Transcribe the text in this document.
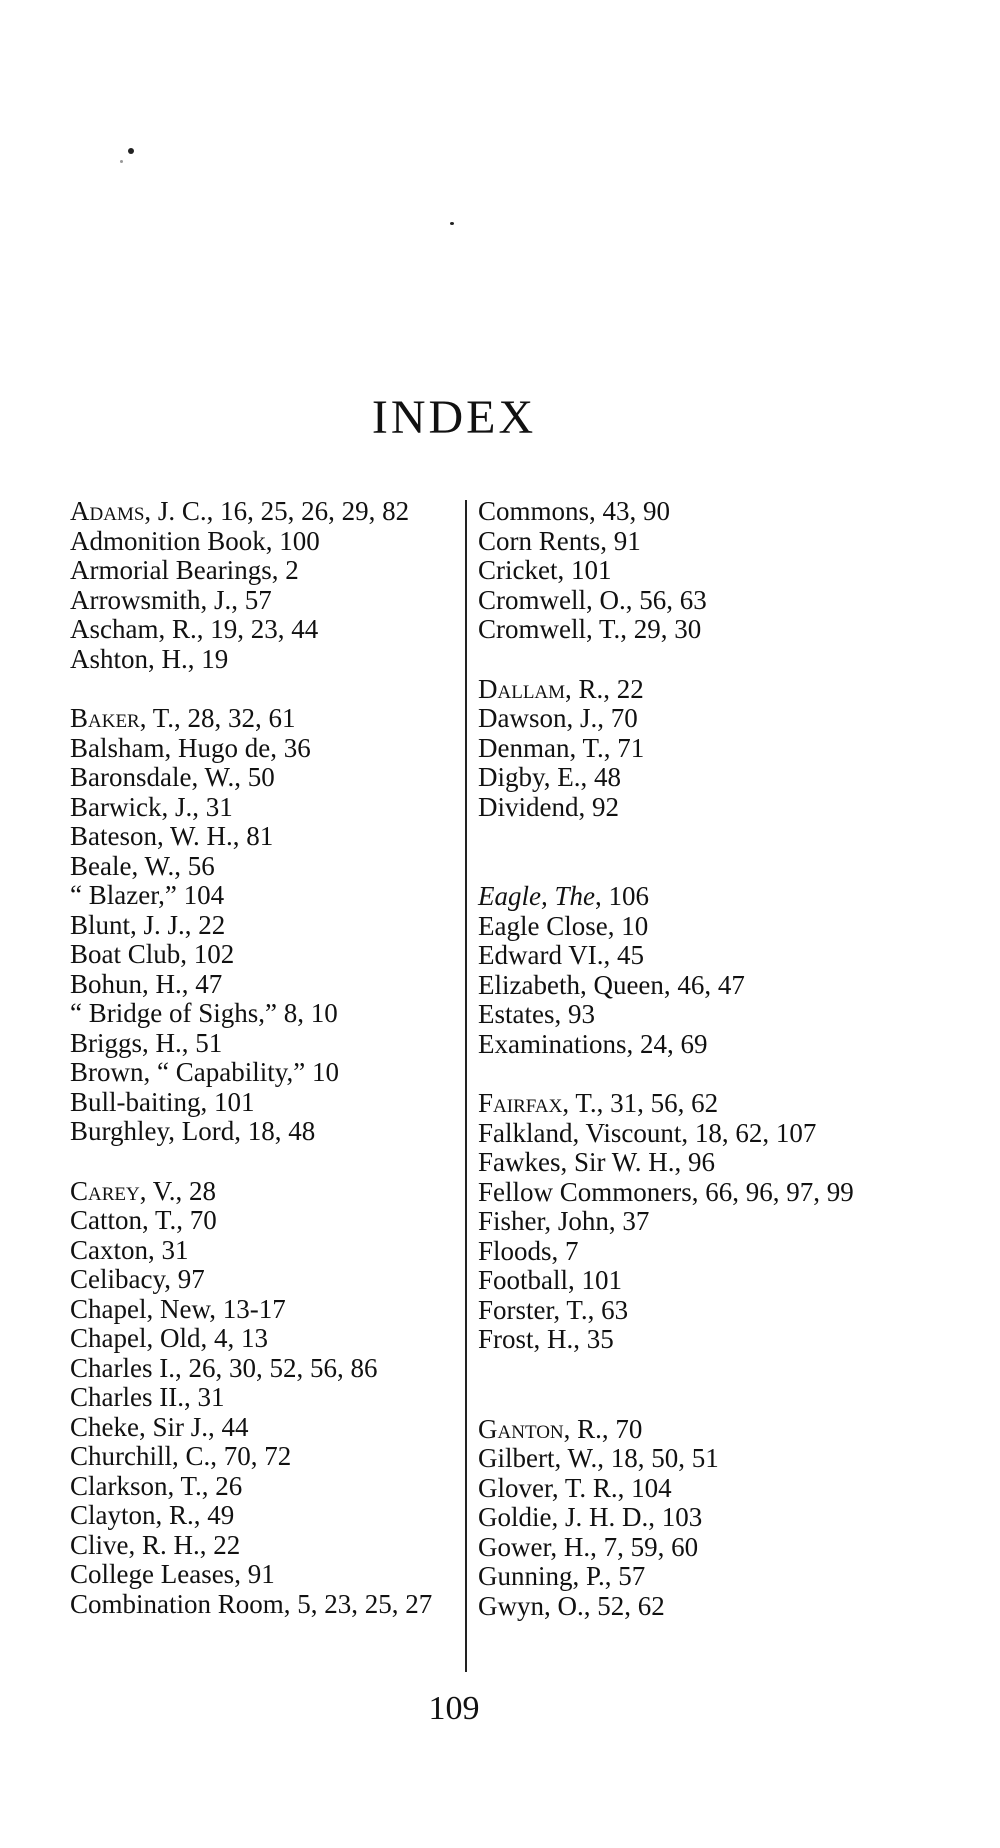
INDEX
Adams, J. C., 16, 25, 26, 29, 82
Admonition Book, 100
Armorial Bearings, 2
Arrowsmith, J., 57
Ascham, R., 19, 23, 44
Ashton, H., 19
Baker, T., 28, 32, 61
Balsham, Hugo de, 36
Baronsdale, W., 50
Barwick, J., 31
Bateson, W. H., 81
Beale, W., 56
“ Blazer,” 104
Blunt, J. J., 22
Boat Club, 102
Bohun, H., 47
“ Bridge of Sighs,” 8, 10
Briggs, H., 51
Brown, “ Capability,” 10
Bull-baiting, 101
Burghley, Lord, 18, 48
Carey, V., 28
Catton, T., 70
Caxton, 31
Celibacy, 97
Chapel, New, 13-17
Chapel, Old, 4, 13
Charles I., 26, 30, 52, 56, 86
Charles II., 31
Cheke, Sir J., 44
Churchill, C., 70, 72
Clarkson, T., 26
Clayton, R., 49
Clive, R. H., 22
College Leases, 91
Combination Room, 5, 23, 25, 27
Commons, 43, 90
Corn Rents, 91
Cricket, 101
Cromwell, O., 56, 63
Cromwell, T., 29, 30
Dallam, R., 22
Dawson, J., 70
Denman, T., 71
Digby, E., 48
Dividend, 92
Eagle, The, 106
Eagle Close, 10
Edward VI., 45
Elizabeth, Queen, 46, 47
Estates, 93
Examinations, 24, 69
Fairfax, T., 31, 56, 62
Falkland, Viscount, 18, 62, 107
Fawkes, Sir W. H., 96
Fellow Commoners, 66, 96, 97, 99
Fisher, John, 37
Floods, 7
Football, 101
Forster, T., 63
Frost, H., 35
Ganton, R., 70
Gilbert, W., 18, 50, 51
Glover, T. R., 104
Goldie, J. H. D., 103
Gower, H., 7, 59, 60
Gunning, P., 57
Gwyn, O., 52, 62
109
